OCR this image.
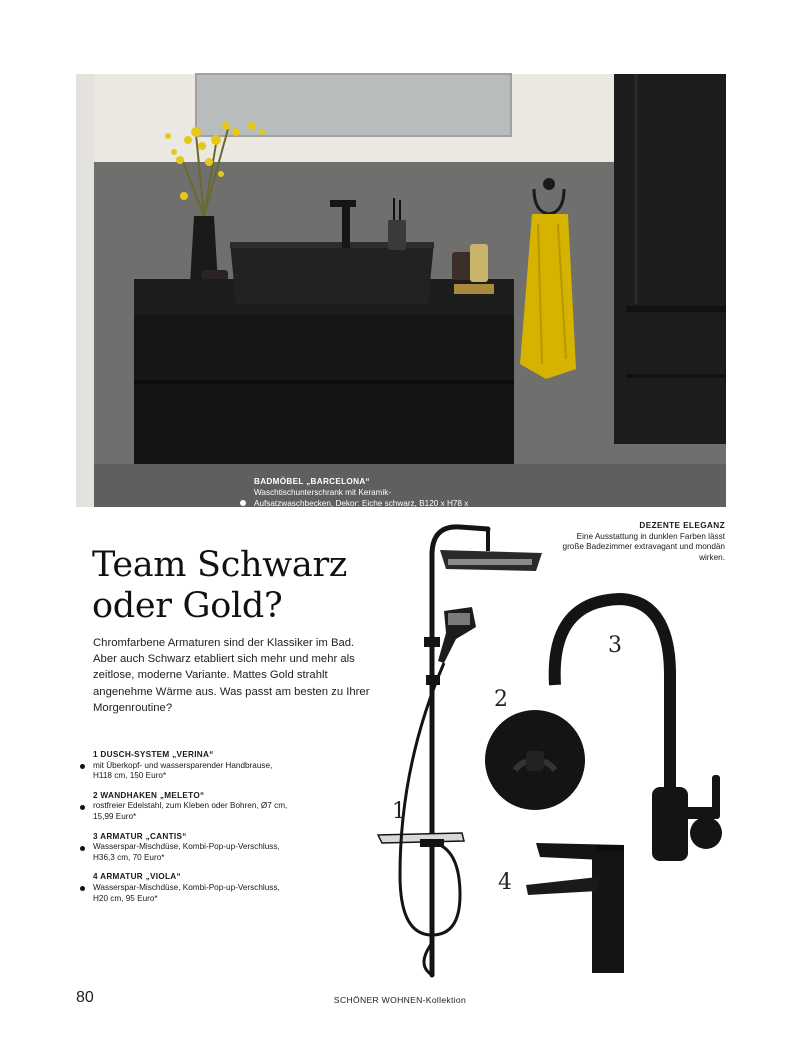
BADMÖBEL „BARCELONA“
Waschtischunterschrank mit Keramik-Aufsatzwaschbecken, Dekor: Eiche schwarz, B120 x H78 x T49 cm, rechteckiger Spiegel mit Beleuchtung, Gesamtpreis: 3.115 Euro*	DEZENTE ELEGANZ
Eine Ausstattung in dunklen Farben lässt große Badezimmer extravagant und mondän wirken.
Team Schwarz oder Gold?

Chromfarbene Armaturen sind der Klassiker im Bad. Aber auch Schwarz etabliert sich mehr und mehr als zeitlose, moderne Variante. Mattes Gold strahlt angenehme Wärme aus. Was passt am besten zu Ihrer Morgenroutine?

1 DUSCH-SYSTEM „VERINA“
mit Überkopf- und wassersparender Handbrause, H118 cm, 150 Euro*
2 WANDHAKEN „MELETO“
rostfreier Edelstahl, zum Kleben oder Bohren, Ø7 cm, 15,99 Euro*
3 ARMATUR „CANTIS“
Wasserspar-Mischdüse, Kombi-Pop-up-Verschluss, H36,3 cm, 70 Euro*
4 ARMATUR „VIOLA“
Wasserspar-Mischdüse, Kombi-Pop-up-Verschluss, H20 cm, 95 Euro*
1
2
3
4
80	SCHÖNER WOHNEN-Kollektion
